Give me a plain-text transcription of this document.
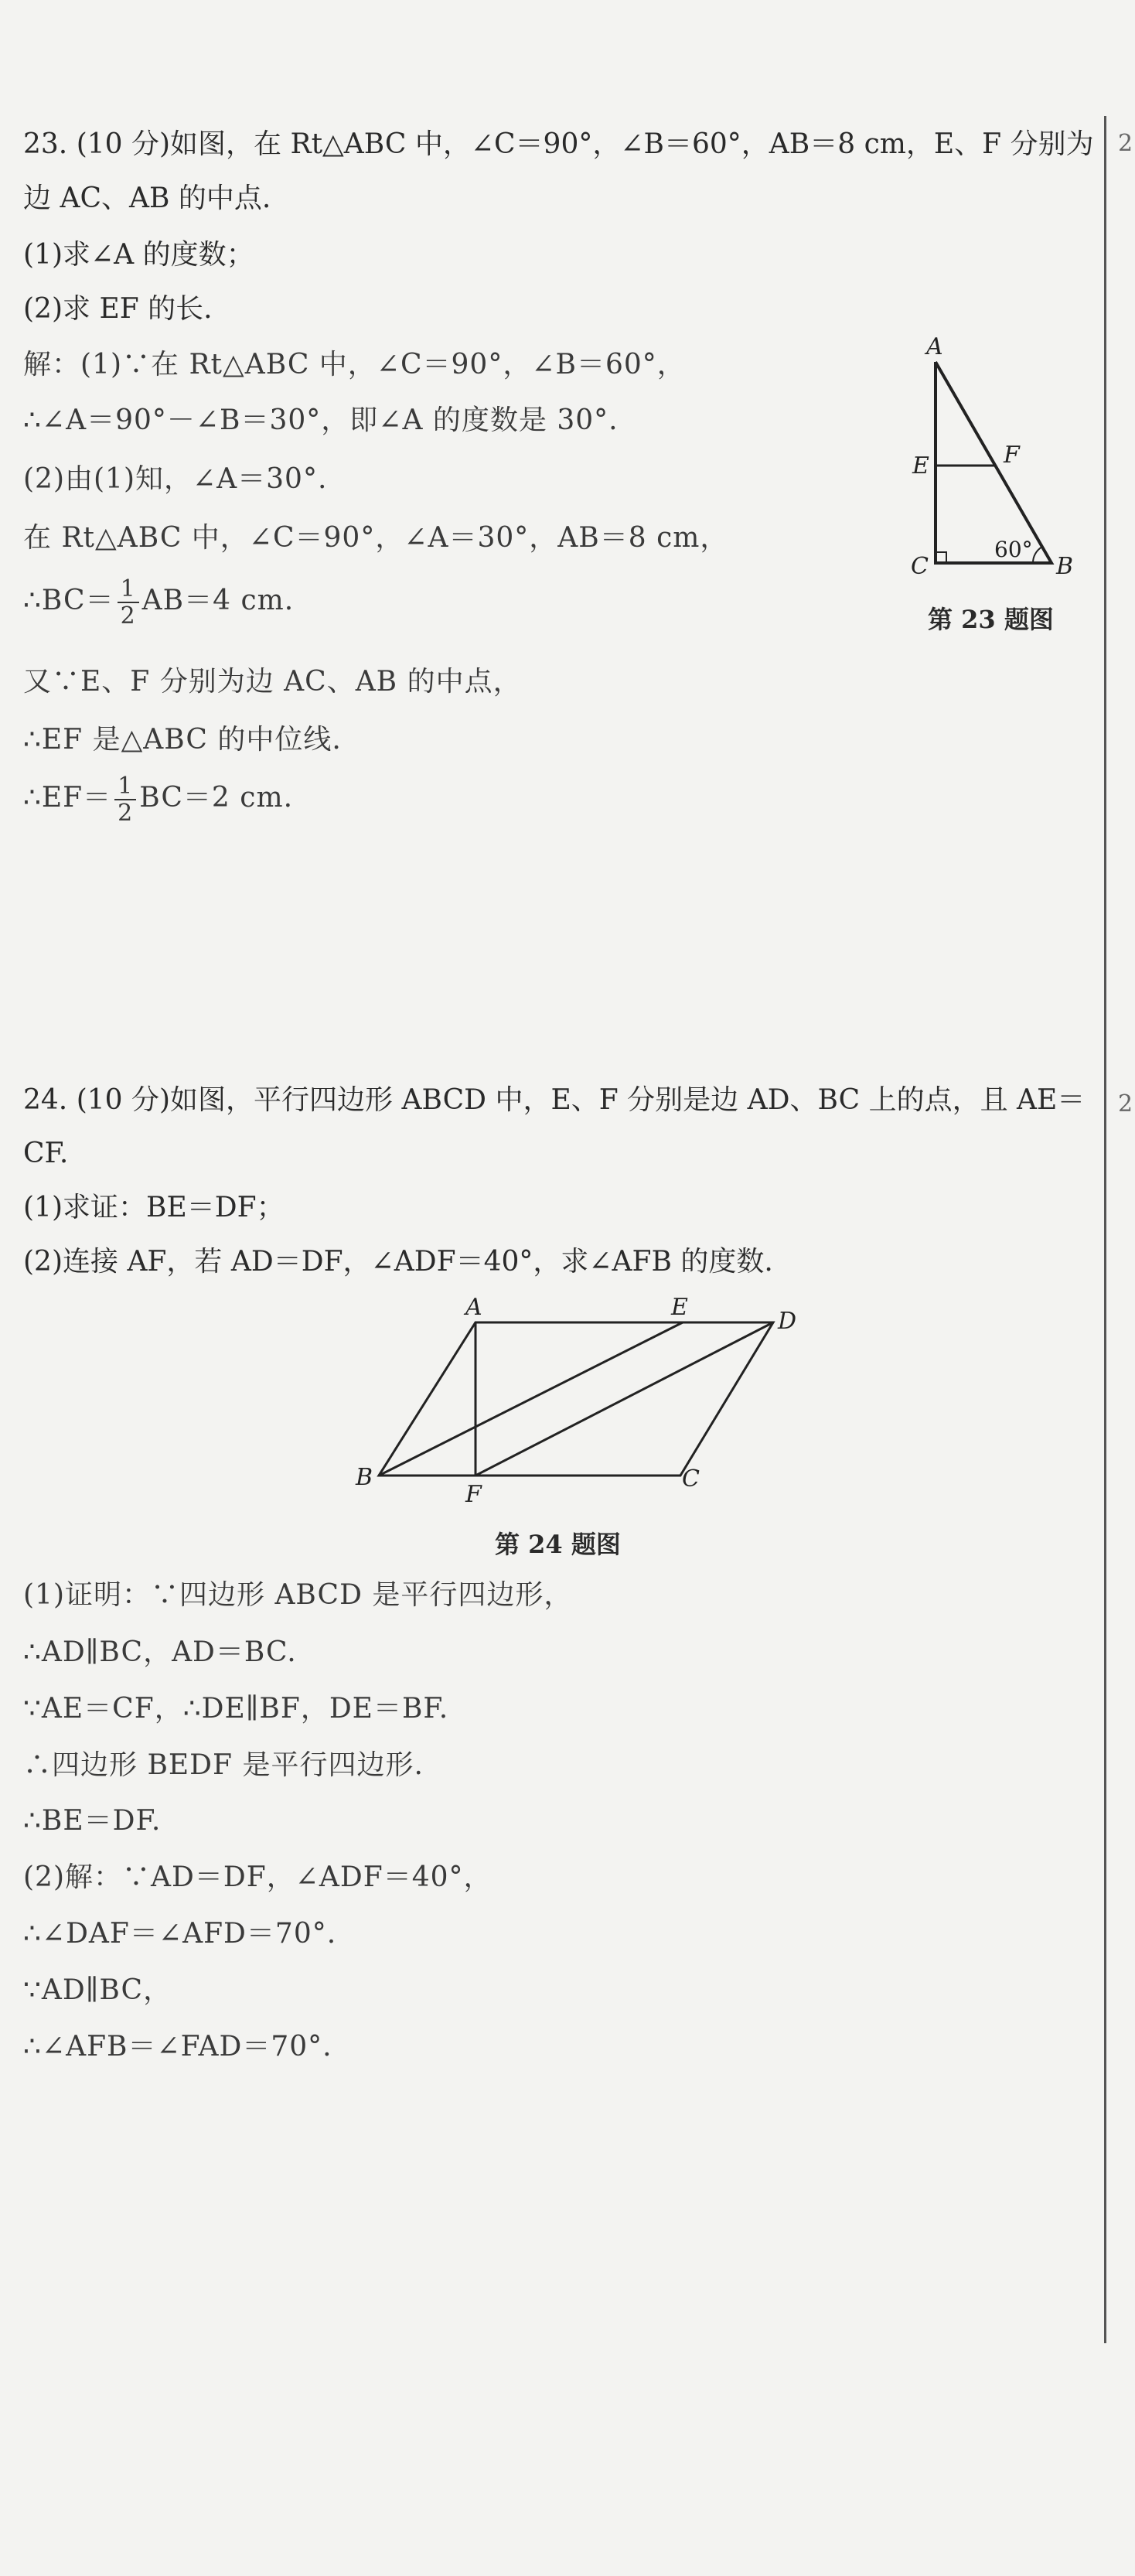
2
2
23. (10 分)如图，在 Rt△ABC 中，∠C＝90°，∠B＝60°，AB＝8 cm，E、F 分别为
边 AC、AB 的中点.
(1)求∠A 的度数；
(2)求 EF 的长.
解：(1)∵在 Rt△ABC 中，∠C＝90°，∠B＝60°，
∴∠A＝90°－∠B＝30°，即∠A 的度数是 30°.
(2)由(1)知，∠A＝30°.
在 Rt△ABC 中，∠C＝90°，∠A＝30°，AB＝8 cm，
∴BC＝ $\frac{1}{2} AB=4$ cm.
又∵E、F 分别为边 AC、AB 的中点，
∴EF 是△ABC 的中位线.
∴EF＝ $\frac{1}{2} BC=2$ cm.
A
E	F
C	B
60°
第 23 题图
24. (10 分)如图，平行四边形 ABCD 中，E、F 分别是边 AD、BC 上的点，且 AE＝
CF.
(1)求证：BE＝DF；
(2)连接 AF，若 AD＝DF，∠ADF＝40°，求∠AFB 的度数.
A	E
D
B
F
C
第 24 题图
(1)证明：∵四边形 ABCD 是平行四边形，
∴AD∥BC，AD＝BC.
∵AE＝CF，∴DE∥BF，DE＝BF.
∴四边形 BEDF 是平行四边形.
∴BE＝DF.
(2)解：∵AD＝DF，∠ADF＝40°，
∴∠DAF＝∠AFD＝70°.
∵AD∥BC，
∴∠AFB＝∠FAD＝70°.
